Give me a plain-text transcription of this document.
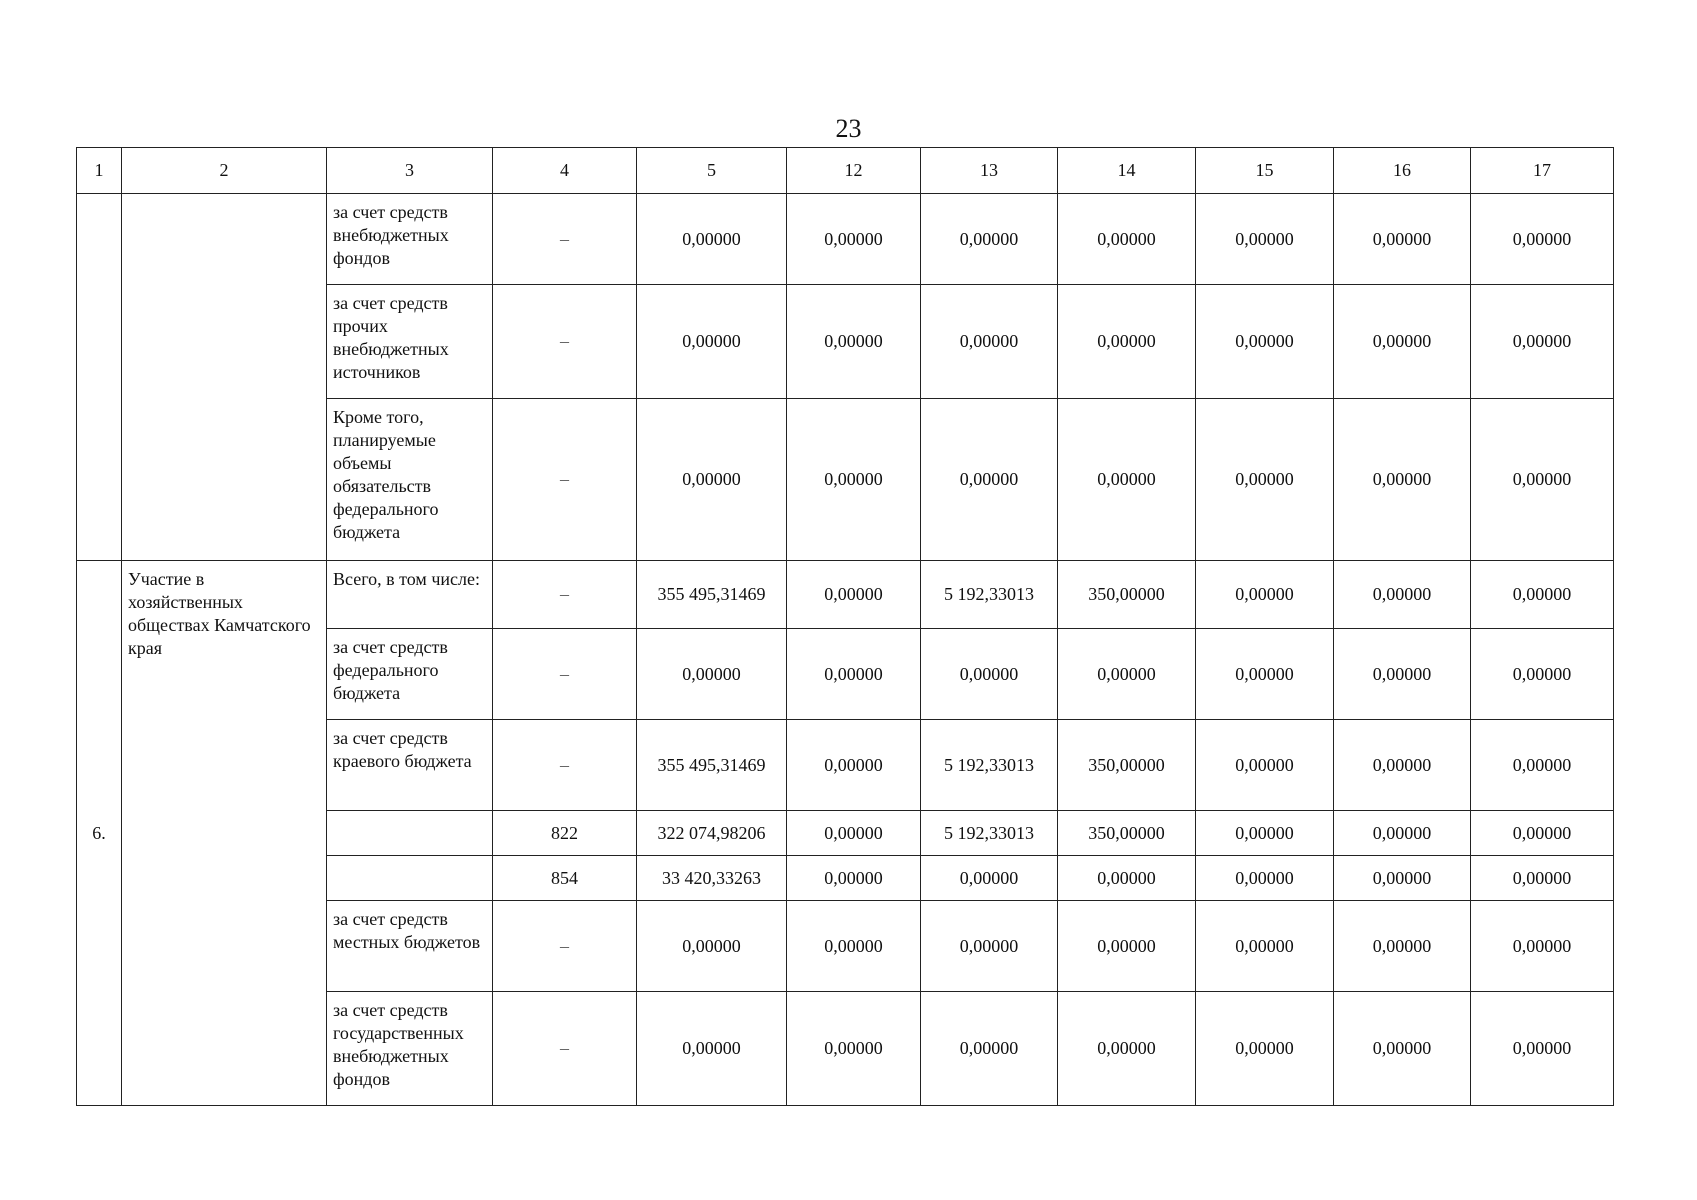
23
1	2	3	4	5	12	13	14	15	16	17
		за счет средств внебюджетных фондов	–	0,00000	0,00000	0,00000	0,00000	0,00000	0,00000	0,00000
		за счет средств прочих внебюджетных источников	–	0,00000	0,00000	0,00000	0,00000	0,00000	0,00000	0,00000
		Кроме того, планируемые объемы обязательств федерального бюджета	–	0,00000	0,00000	0,00000	0,00000	0,00000	0,00000	0,00000
6.	Участие в хозяйственных обществах Камчатского края	Всего, в том числе:	–	355 495,31469	0,00000	5 192,33013	350,00000	0,00000	0,00000	0,00000
		за счет средств федерального бюджета	–	0,00000	0,00000	0,00000	0,00000	0,00000	0,00000	0,00000
		за счет средств краевого бюджета	–	355 495,31469	0,00000	5 192,33013	350,00000	0,00000	0,00000	0,00000
			822	322 074,98206	0,00000	5 192,33013	350,00000	0,00000	0,00000	0,00000
			854	33 420,33263	0,00000	0,00000	0,00000	0,00000	0,00000	0,00000
		за счет средств местных бюджетов	–	0,00000	0,00000	0,00000	0,00000	0,00000	0,00000	0,00000
		за счет средств государственных внебюджетных фондов	–	0,00000	0,00000	0,00000	0,00000	0,00000	0,00000	0,00000
